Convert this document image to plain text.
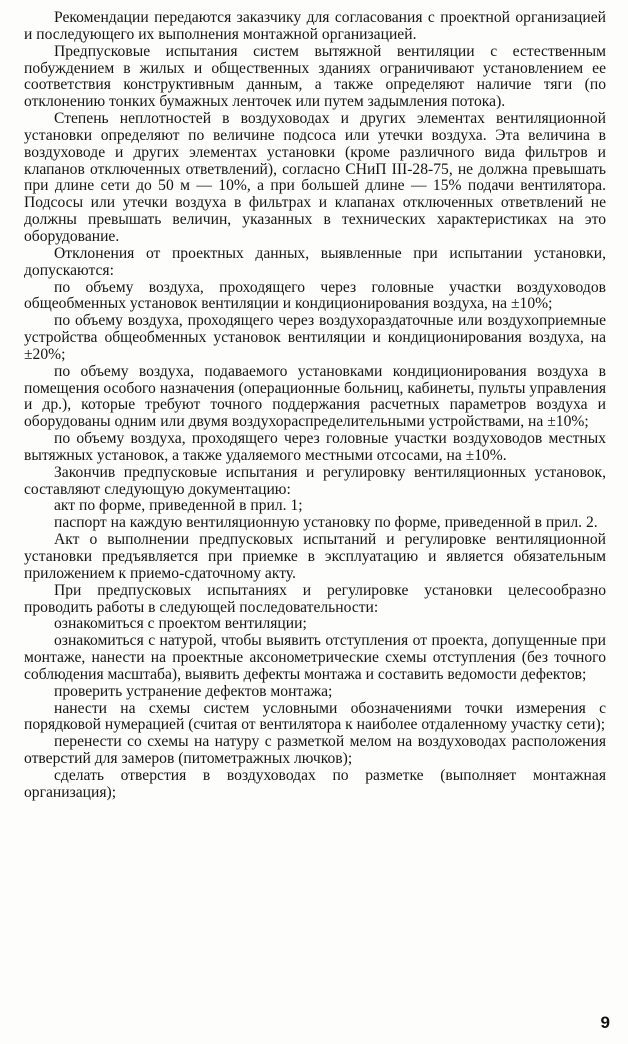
Рекомендации передаются заказчику для согласования с проектной организацией и последующего их выполнения монтажной организацией.

Предпусковые испытания систем вытяжной вентиляции с естественным побуждением в жилых и общественных зданиях ограничивают установлением ее соответствия конструктивным данным, а также определяют наличие тяги (по отклонению тонких бумажных ленточек или путем задымления потока).

Степень неплотностей в воздуховодах и других элементах вентиляционной установки определяют по величине подсоса или утечки воздуха. Эта величина в воздуховоде и других элементах установки (кроме различного вида фильтров и клапанов отключенных ответвлений), согласно СНиП III-28-75, не должна превышать при длине сети до 50 м — 10%, а при большей длине — 15% подачи вентилятора. Подсосы или утечки воздуха в фильтрах и клапанах отключенных ответвлений не должны превышать величин, указанных в технических характеристиках на это оборудование.

Отклонения от проектных данных, выявленные при испытании установки, допускаются:

по объему воздуха, проходящего через головные участки воздуховодов общеобменных установок вентиляции и кондиционирования воздуха, на ±10%;

по объему воздуха, проходящего через воздухораздаточные или воздухоприемные устройства общеобменных установок вентиляции и кондиционирования воздуха, на ±20%;

по объему воздуха, подаваемого установками кондиционирования воздуха в помещения особого назначения (операционные больниц, кабинеты, пульты управления и др.), которые требуют точного поддержания расчетных параметров воздуха и оборудованы одним или двумя воздухораспределительными устройствами, на ±10%;

по объему воздуха, проходящего через головные участки воздуховодов местных вытяжных установок, а также удаляемого местными отсосами, на ±10%.

Закончив предпусковые испытания и регулировку вентиляционных установок, составляют следующую документацию:

акт по форме, приведенной в прил. 1;

паспорт на каждую вентиляционную установку по форме, приведенной в прил. 2.

Акт о выполнении предпусковых испытаний и регулировке вентиляционной установки предъявляется при приемке в эксплуатацию и является обязательным приложением к приемо-сдаточному акту.

При предпусковых испытаниях и регулировке установки целесообразно проводить работы в следующей последовательности:

ознакомиться с проектом вентиляции;

ознакомиться с натурой, чтобы выявить отступления от проекта, допущенные при монтаже, нанести на проектные аксонометрические схемы отступления (без точного соблюдения масштаба), выявить дефекты монтажа и составить ведомости дефектов;

проверить устранение дефектов монтажа;

нанести на схемы систем условными обозначениями точки измерения с порядковой нумерацией (считая от вентилятора к наиболее отдаленному участку сети);

перенести со схемы на натуру с разметкой мелом на воздуховодах расположения отверстий для замеров (питометражных лючков);

сделать отверстия в воздуховодах по разметке (выполняет монтажная организация);

9
